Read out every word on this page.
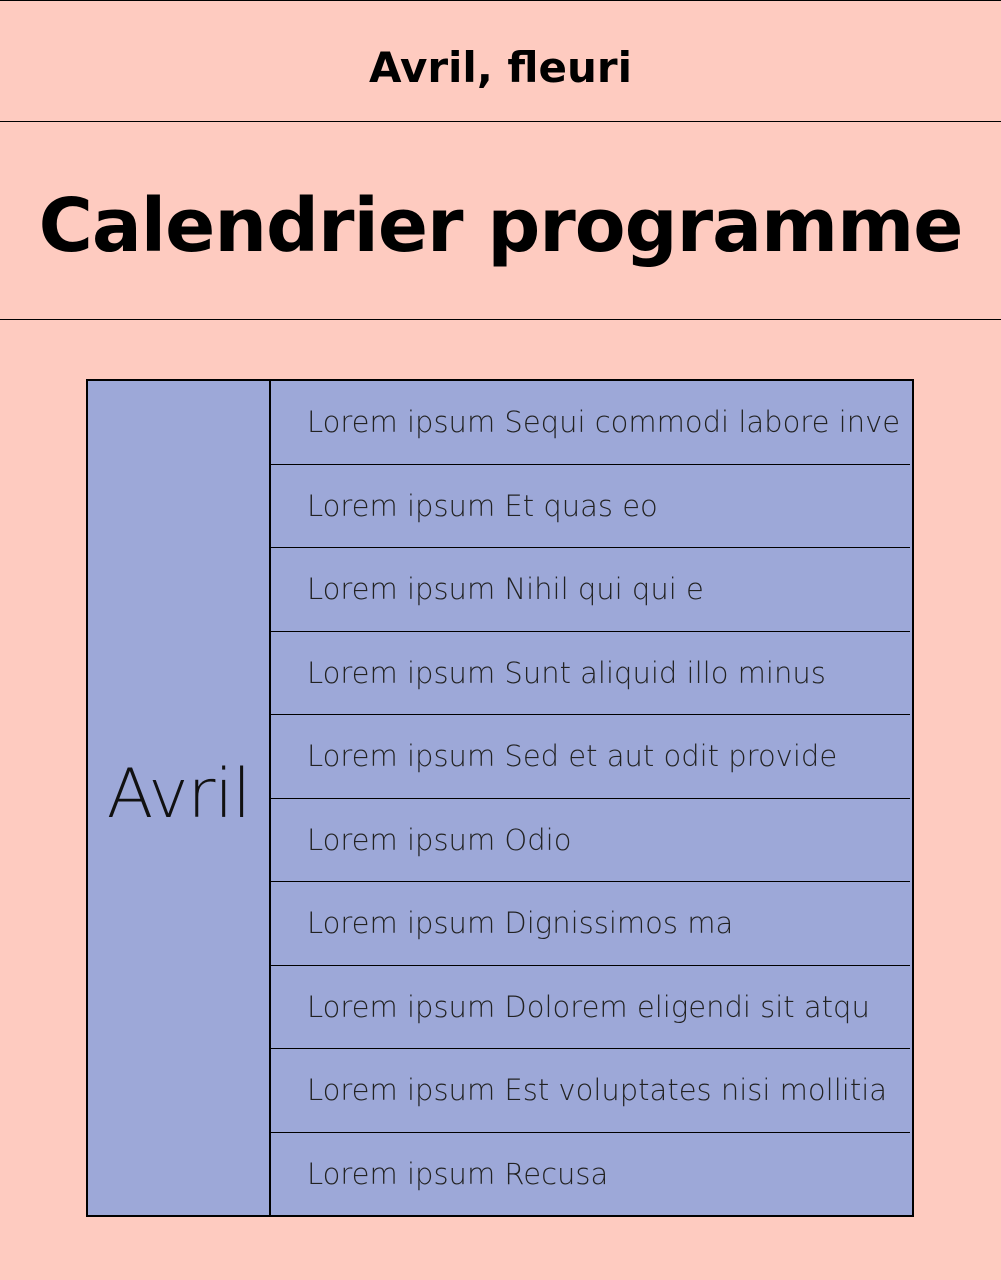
Avril, fleuri
Calendrier programme
Avril
Lorem ipsum Sequi commodi labore inve
Lorem ipsum Et quas eo
Lorem ipsum Nihil qui qui e
Lorem ipsum Sunt aliquid illo minus
Lorem ipsum Sed et aut odit provide
Lorem ipsum Odio
Lorem ipsum Dignissimos ma
Lorem ipsum Dolorem eligendi sit atqu
Lorem ipsum Est voluptates nisi mollitia
Lorem ipsum Recusa
